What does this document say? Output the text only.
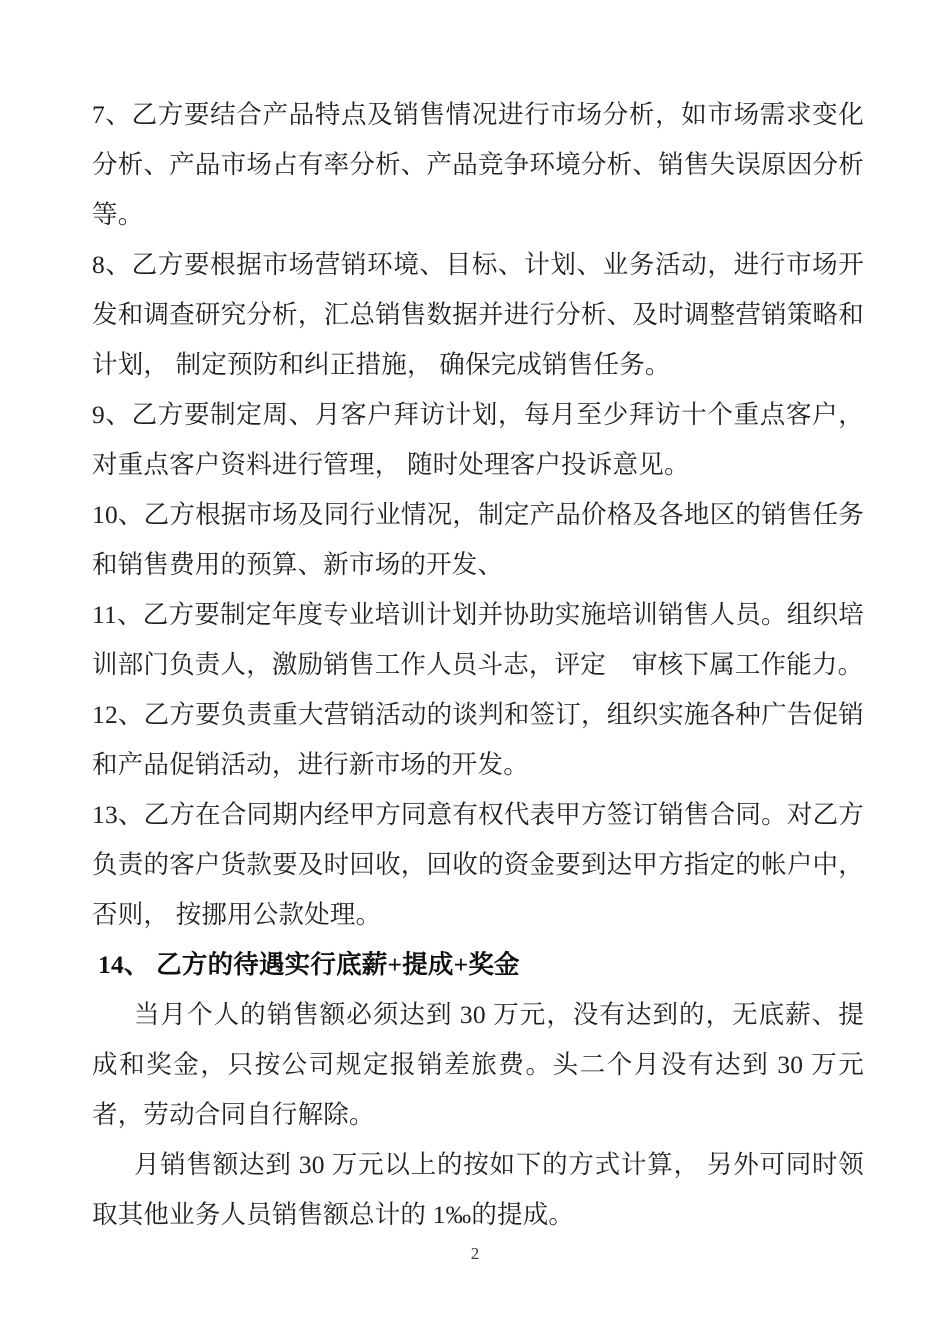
7、乙方要结合产品特点及销售情况进行市场分析，如市场需求变化分析、产品市场占有率分析、产品竞争环境分析、销售失误原因分析等。

8、乙方要根据市场营销环境、目标、计划、业务活动，进行市场开发和调查研究分析，汇总销售数据并进行分析、及时调整营销策略和计划， 制定预防和纠正措施， 确保完成销售任务。

9、乙方要制定周、月客户拜访计划，每月至少拜访十个重点客户，对重点客户资料进行管理， 随时处理客户投诉意见。

10、乙方根据市场及同行业情况，制定产品价格及各地区的销售任务和销售费用的预算、新市场的开发、

11、乙方要制定年度专业培训计划并协助实施培训销售人员。组织培训部门负责人，激励销售工作人员斗志，评定 审核下属工作能力。

12、乙方要负责重大营销活动的谈判和签订，组织实施各种广告促销和产品促销活动，进行新市场的开发。

13、乙方在合同期内经甲方同意有权代表甲方签订销售合同。对乙方负责的客户货款要及时回收，回收的资金要到达甲方指定的帐户中，否则， 按挪用公款处理。

14、 乙方的待遇实行底薪+提成+奖金

当月个人的销售额必须达到 30 万元，没有达到的，无底薪、提成和奖金，只按公司规定报销差旅费。头二个月没有达到 30 万元者，劳动合同自行解除。

月销售额达到 30 万元以上的按如下的方式计算， 另外可同时领取其他业务人员销售额总计的 1‰的提成。

2
